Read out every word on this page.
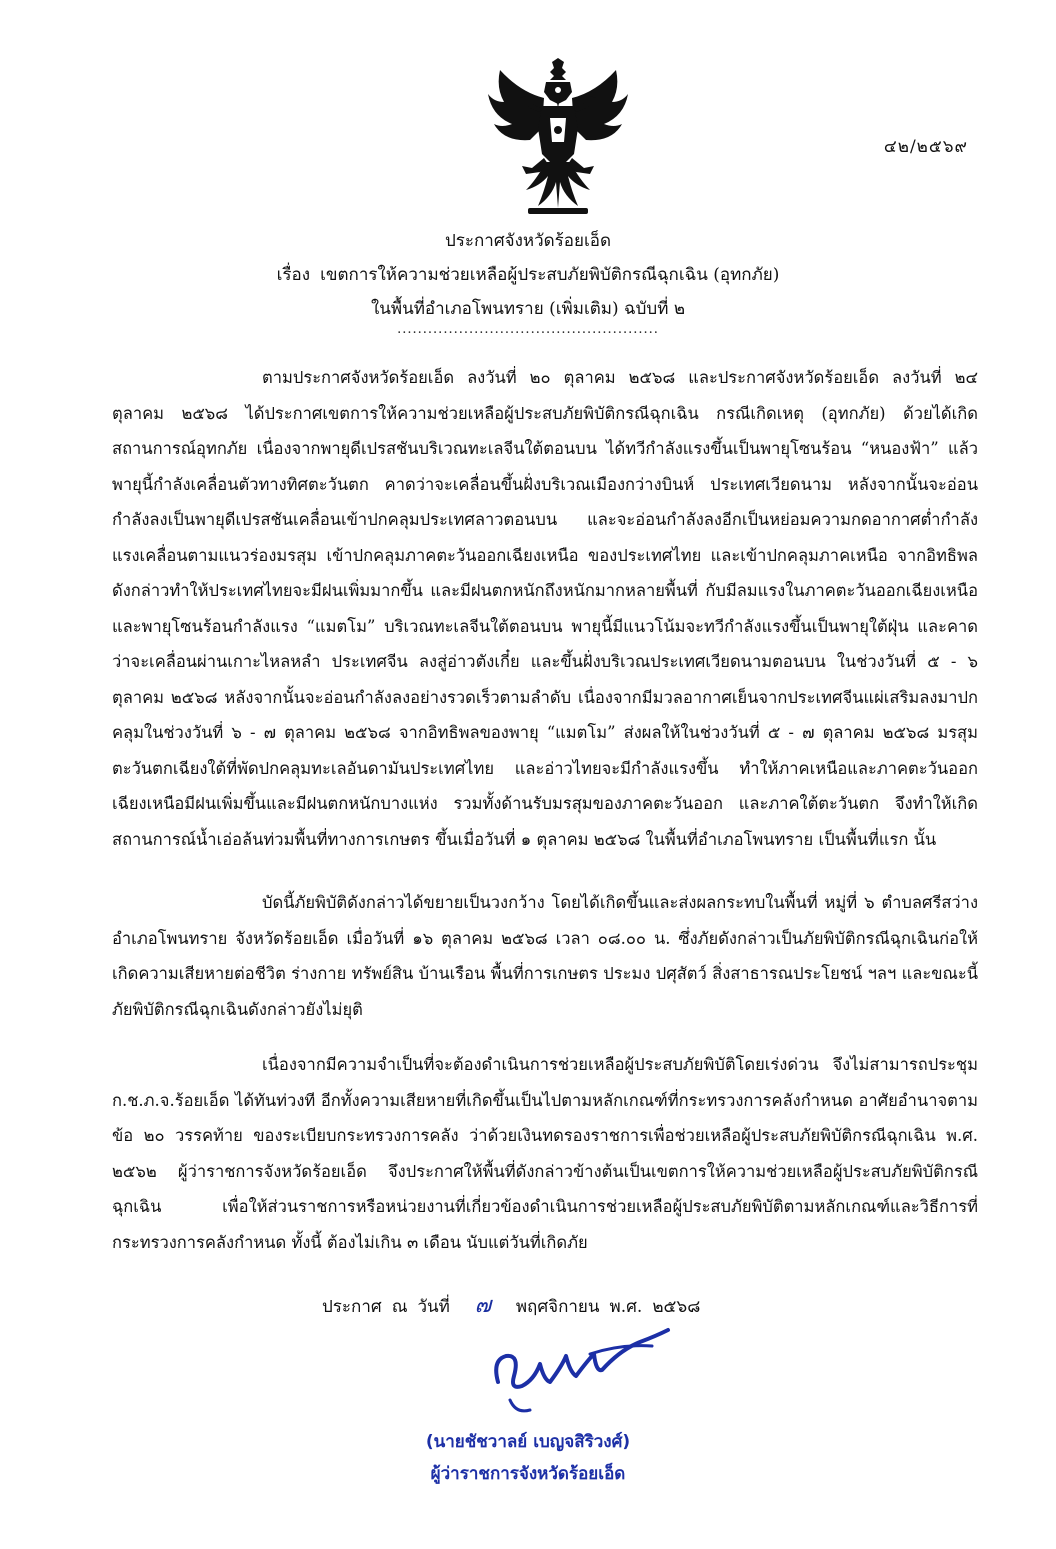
๔๒/๒๕๖๙
ประกาศจังหวัดร้อยเอ็ด
เรื่อง เขตการให้ความช่วยเหลือผู้ประสบภัยพิบัติกรณีฉุกเฉิน (อุทกภัย)
ในพื้นที่อำเภอโพนทราย (เพิ่มเติม) ฉบับที่ ๒
...................................................

ตามประกาศจังหวัดร้อยเอ็ด ลงวันที่ ๒๐ ตุลาคม ๒๕๖๘ และประกาศจังหวัดร้อยเอ็ด ลงวันที่ ๒๔ ตุลาคม ๒๕๖๘ ได้ประกาศเขตการให้ความช่วยเหลือผู้ประสบภัยพิบัติกรณีฉุกเฉิน กรณีเกิดเหตุ (อุทกภัย) ด้วยได้เกิดสถานการณ์อุทกภัย เนื่องจากพายุดีเปรสชันบริเวณทะเลจีนใต้ตอนบน ได้ทวีกำลังแรงขึ้นเป็นพายุโซนร้อน “หนองฟ้า” แล้ว พายุนี้กำลังเคลื่อนตัวทางทิศตะวันตก คาดว่าจะเคลื่อนขึ้นฝั่งบริเวณเมืองกว่างบินห์ ประเทศเวียดนาม หลังจากนั้นจะอ่อนกำลังลงเป็นพายุดีเปรสชันเคลื่อนเข้าปกคลุมประเทศลาวตอนบน และจะอ่อนกำลังลงอีกเป็นหย่อมความกดอากาศต่ำกำลังแรงเคลื่อนตามแนวร่องมรสุม เข้าปกคลุมภาคตะวันออกเฉียงเหนือ ของประเทศไทย และเข้าปกคลุมภาคเหนือ จากอิทธิพลดังกล่าวทำให้ประเทศไทยจะมีฝนเพิ่มมากขึ้น และมีฝนตกหนักถึงหนักมากหลายพื้นที่ กับมีลมแรงในภาคตะวันออกเฉียงเหนือ และพายุโซนร้อนกำลังแรง “แมตโม” บริเวณทะเลจีนใต้ตอนบน พายุนี้มีแนวโน้มจะทวีกำลังแรงขึ้นเป็นพายุใต้ฝุ่น และคาดว่าจะเคลื่อนผ่านเกาะไหลหลำ ประเทศจีน ลงสู่อ่าวตังเกี๋ย และขึ้นฝั่งบริเวณประเทศเวียดนามตอนบน ในช่วงวันที่ ๕ - ๖ ตุลาคม ๒๕๖๘ หลังจากนั้นจะอ่อนกำลังลงอย่างรวดเร็วตามลำดับ เนื่องจากมีมวลอากาศเย็นจากประเทศจีนแผ่เสริมลงมาปกคลุมในช่วงวันที่ ๖ - ๗ ตุลาคม ๒๕๖๘ จากอิทธิพลของพายุ “แมตโม” ส่งผลให้ในช่วงวันที่ ๕ - ๗ ตุลาคม ๒๕๖๘ มรสุมตะวันตกเฉียงใต้ที่พัดปกคลุมทะเลอันดามันประเทศไทย และอ่าวไทยจะมีกำลังแรงขึ้น ทำให้ภาคเหนือและภาคตะวันออกเฉียงเหนือมีฝนเพิ่มขึ้นและมีฝนตกหนักบางแห่ง รวมทั้งด้านรับมรสุมของภาคตะวันออก และภาคใต้ตะวันตก จึงทำให้เกิดสถานการณ์น้ำเอ่อล้นท่วมพื้นที่ทางการเกษตร ขึ้นเมื่อวันที่ ๑ ตุลาคม ๒๕๖๘ ในพื้นที่อำเภอโพนทราย เป็นพื้นที่แรก นั้น

บัดนี้ภัยพิบัติดังกล่าวได้ขยายเป็นวงกว้าง โดยได้เกิดขึ้นและส่งผลกระทบในพื้นที่ หมู่ที่ ๖ ตำบลศรีสว่าง อำเภอโพนทราย จังหวัดร้อยเอ็ด เมื่อวันที่ ๑๖ ตุลาคม ๒๕๖๘ เวลา ๐๘.๐๐ น. ซึ่งภัยดังกล่าวเป็นภัยพิบัติกรณีฉุกเฉินก่อให้เกิดความเสียหายต่อชีวิต ร่างกาย ทรัพย์สิน บ้านเรือน พื้นที่การเกษตร ประมง ปศุสัตว์ สิ่งสาธารณประโยชน์ ฯลฯ และขณะนี้ภัยพิบัติกรณีฉุกเฉินดังกล่าวยังไม่ยุติ

เนื่องจากมีความจำเป็นที่จะต้องดำเนินการช่วยเหลือผู้ประสบภัยพิบัติโดยเร่งด่วน จึงไม่สามารถประชุม ก.ช.ภ.จ.ร้อยเอ็ด ได้ทันท่วงที อีกทั้งความเสียหายที่เกิดขึ้นเป็นไปตามหลักเกณฑ์ที่กระทรวงการคลังกำหนด อาศัยอำนาจตาม ข้อ ๒๐ วรรคท้าย ของระเบียบกระทรวงการคลัง ว่าด้วยเงินทดรองราชการเพื่อช่วยเหลือผู้ประสบภัยพิบัติกรณีฉุกเฉิน พ.ศ. ๒๕๖๒ ผู้ว่าราชการจังหวัดร้อยเอ็ด จึงประกาศให้พื้นที่ดังกล่าวข้างต้นเป็นเขตการให้ความช่วยเหลือผู้ประสบภัยพิบัติกรณีฉุกเฉิน เพื่อให้ส่วนราชการหรือหน่วยงานที่เกี่ยวข้องดำเนินการช่วยเหลือผู้ประสบภัยพิบัติตามหลักเกณฑ์และวิธีการที่กระทรวงการคลังกำหนด ทั้งนี้ ต้องไม่เกิน ๓ เดือน นับแต่วันที่เกิดภัย

ประกาศ ณ วันที่ ๗ พฤศจิกายน พ.ศ. ๒๕๖๘
(นายชัชวาลย์ เบญจสิริวงศ์)
ผู้ว่าราชการจังหวัดร้อยเอ็ด
